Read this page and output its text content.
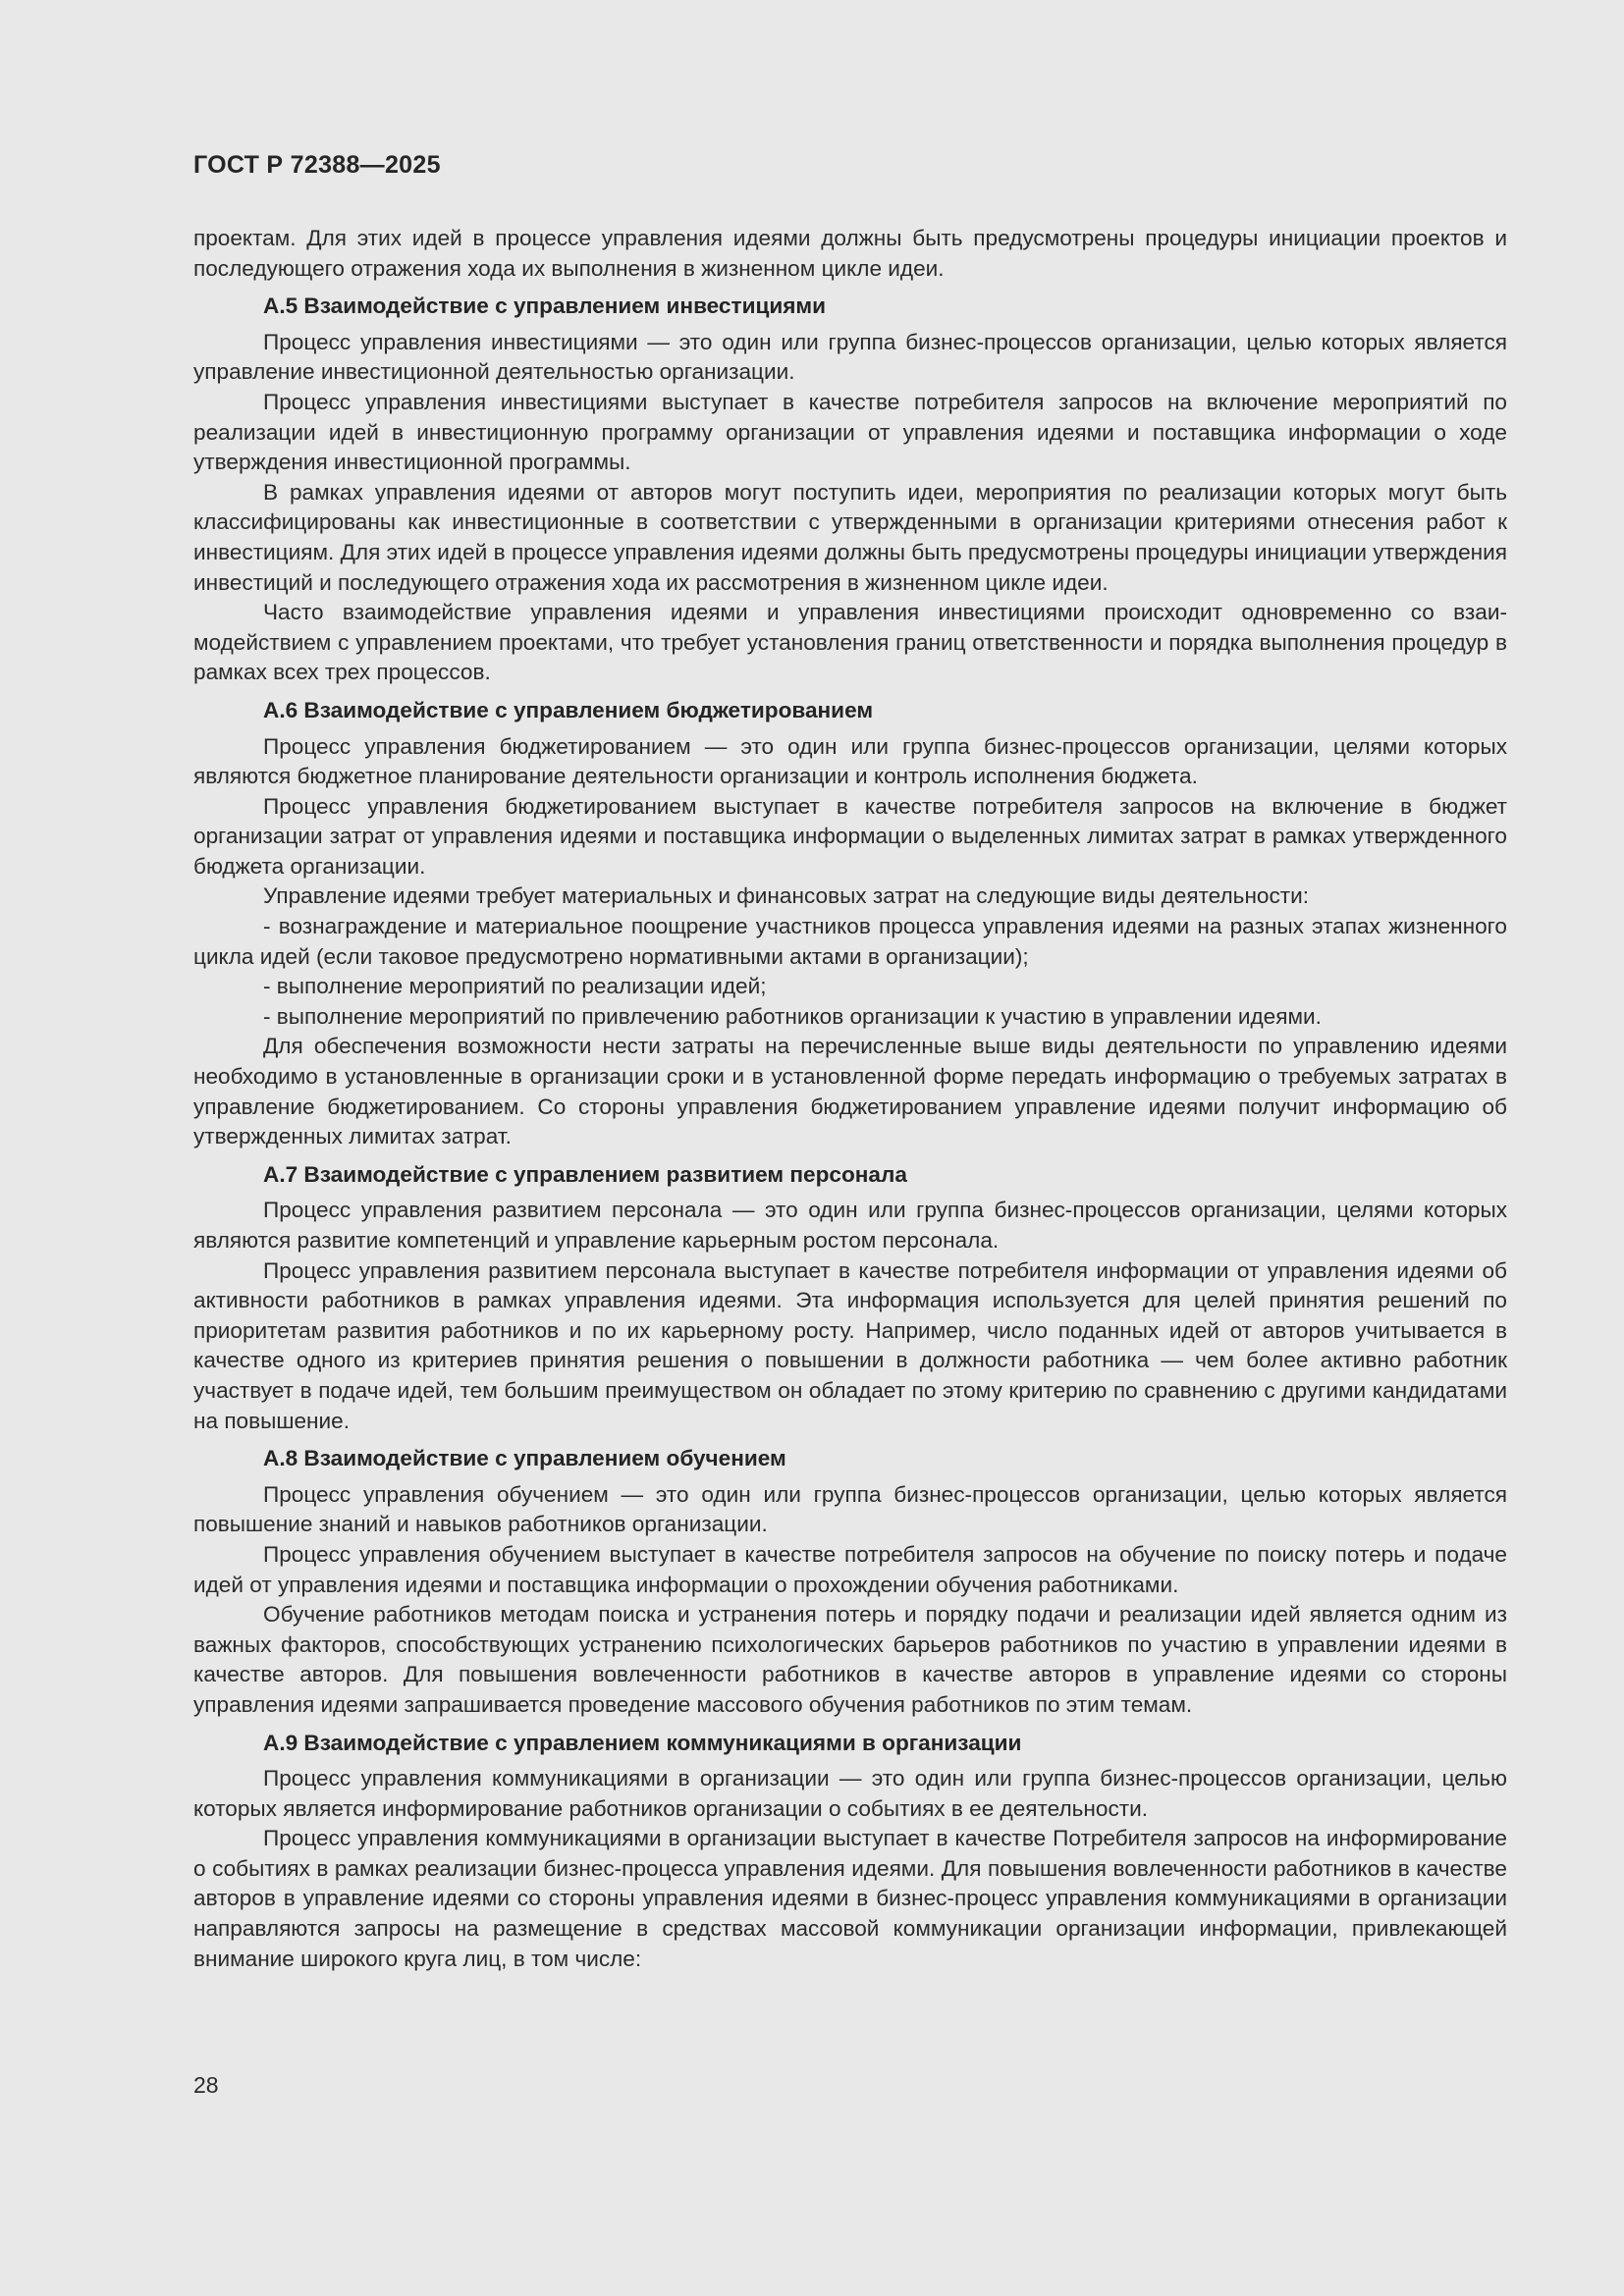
ГОСТ Р 72388—2025

проектам. Для этих идей в процессе управления идеями должны быть предусмотрены процедуры инициации проектов и последующего отражения хода их выполнения в жизненном цикле идеи.

А.5 Взаимодействие с управлением инвестициями

Процесс управления инвестициями — это один или группа бизнес-процессов организации, целью которых является управление инвестиционной деятельностью организации.

Процесс управления инвестициями выступает в качестве потребителя запросов на включение мероприятий по реализации идей в инвестиционную программу организации от управления идеями и поставщика информации о ходе утверждения инвестиционной программы.

В рамках управления идеями от авторов могут поступить идеи, мероприятия по реализации которых могут быть классифицированы как инвестиционные в соответствии с утвержденными в организации критериями отнесения работ к инвестициям. Для этих идей в процессе управления идеями должны быть предусмотрены процедуры инициации утверждения инвестиций и последующего отражения хода их рассмотрения в жизненном цикле идеи.

Часто взаимодействие управления идеями и управления инвестициями происходит одновременно со взаимодействием с управлением проектами, что требует установления границ ответственности и порядка выполнения процедур в рамках всех трех процессов.

А.6 Взаимодействие с управлением бюджетированием

Процесс управления бюджетированием — это один или группа бизнес-процессов организации, целями которых являются бюджетное планирование деятельности организации и контроль исполнения бюджета.

Процесс управления бюджетированием выступает в качестве потребителя запросов на включение в бюджет организации затрат от управления идеями и поставщика информации о выделенных лимитах затрат в рамках утвержденного бюджета организации.

Управление идеями требует материальных и финансовых затрат на следующие виды деятельности:

- вознаграждение и материальное поощрение участников процесса управления идеями на разных этапах жизненного цикла идей (если таковое предусмотрено нормативными актами в организации);

- выполнение мероприятий по реализации идей;

- выполнение мероприятий по привлечению работников организации к участию в управлении идеями.

Для обеспечения возможности нести затраты на перечисленные выше виды деятельности по управлению идеями необходимо в установленные в организации сроки и в установленной форме передать информацию о требуемых затратах в управление бюджетированием. Со стороны управления бюджетированием управление идеями получит информацию об утвержденных лимитах затрат.

А.7 Взаимодействие с управлением развитием персонала

Процесс управления развитием персонала — это один или группа бизнес-процессов организации, целями которых являются развитие компетенций и управление карьерным ростом персонала.

Процесс управления развитием персонала выступает в качестве потребителя информации от управления идеями об активности работников в рамках управления идеями. Эта информация используется для целей принятия решений по приоритетам развития работников и по их карьерному росту. Например, число поданных идей от авторов учитывается в качестве одного из критериев принятия решения о повышении в должности работника — чем более активно работник участвует в подаче идей, тем большим преимуществом он обладает по этому критерию по сравнению с другими кандидатами на повышение.

А.8 Взаимодействие с управлением обучением

Процесс управления обучением — это один или группа бизнес-процессов организации, целью которых является повышение знаний и навыков работников организации.

Процесс управления обучением выступает в качестве потребителя запросов на обучение по поиску потерь и подаче идей от управления идеями и поставщика информации о прохождении обучения работниками.

Обучение работников методам поиска и устранения потерь и порядку подачи и реализации идей является одним из важных факторов, способствующих устранению психологических барьеров работников по участию в управлении идеями в качестве авторов. Для повышения вовлеченности работников в качестве авторов в управление идеями со стороны управления идеями запрашивается проведение массового обучения работников по этим темам.

А.9 Взаимодействие с управлением коммуникациями в организации

Процесс управления коммуникациями в организации — это один или группа бизнес-процессов организации, целью которых является информирование работников организации о событиях в ее деятельности.

Процесс управления коммуникациями в организации выступает в качестве Потребителя запросов на информирование о событиях в рамках реализации бизнес-процесса управления идеями. Для повышения вовлеченности работников в качестве авторов в управление идеями со стороны управления идеями в бизнес-процесс управления коммуникациями в организации направляются запросы на размещение в средствах массовой коммуникации организации информации, привлекающей внимание широкого круга лиц, в том числе:

28
